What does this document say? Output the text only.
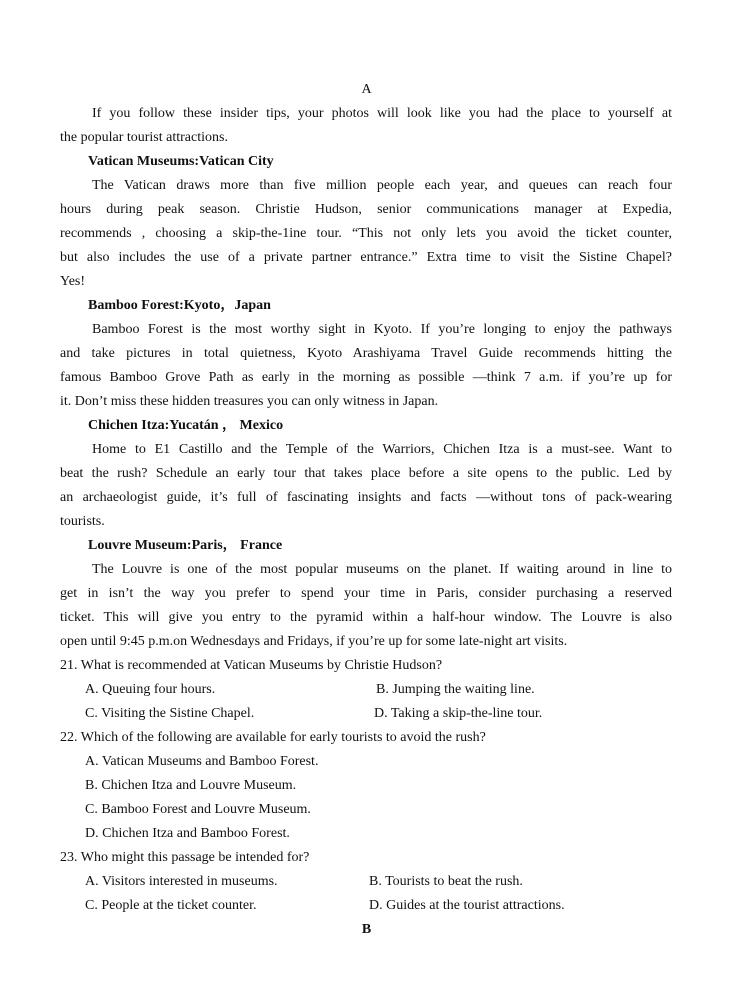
A
If you follow these insider tips, your photos will look like you had the place to yourself at
the popular tourist attractions.
Vatican Museums:Vatican City
The Vatican draws more than five million people each year, and queues can reach four
hours during peak season. Christie Hudson, senior communications manager at Expedia,
recommends , choosing a skip-the-1ine tour. “This not only lets you avoid the ticket counter,
but also includes the use of a private partner entrance.” Extra time to visit the Sistine Chapel?
Yes!
Bamboo Forest:Kyoto，Japan
Bamboo Forest is the most worthy sight in Kyoto. If you’re longing to enjoy the pathways
and take pictures in total quietness, Kyoto Arashiyama Travel Guide recommends hitting the
famous Bamboo Grove Path as early in the morning as possible —think 7 a.m. if you’re up for
it. Don’t miss these hidden treasures you can only witness in Japan.
Chichen Itza:Yucatán ， Mexico
Home to E1 Castillo and the Temple of the Warriors, Chichen Itza is a must-see. Want to
beat the rush? Schedule an early tour that takes place before a site opens to the public. Led by
an archaeologist guide, it’s full of fascinating insights and facts —without tons of pack-wearing
tourists.
Louvre Museum:Paris， France
The Louvre is one of the most popular museums on the planet. If waiting around in line to
get in isn’t the way you prefer to spend your time in Paris, consider purchasing a reserved
ticket. This will give you entry to the pyramid within a half-hour window. The Louvre is also
open until 9:45 p.m.on Wednesdays and Fridays, if you’re up for some late-night art visits.
21. What is recommended at Vatican Museums by Christie Hudson?
A. Queuing four hours.	B. Jumping the waiting line.
C. Visiting the Sistine Chapel.	D. Taking a skip-the-line tour.
22. Which of the following are available for early tourists to avoid the rush?
A. Vatican Museums and Bamboo Forest.
B. Chichen Itza and Louvre Museum.
C. Bamboo Forest and Louvre Museum.
D. Chichen Itza and Bamboo Forest.
23. Who might this passage be intended for?
A. Visitors interested in museums.	B. Tourists to beat the rush.
C. People at the ticket counter.	D. Guides at the tourist attractions.
B
